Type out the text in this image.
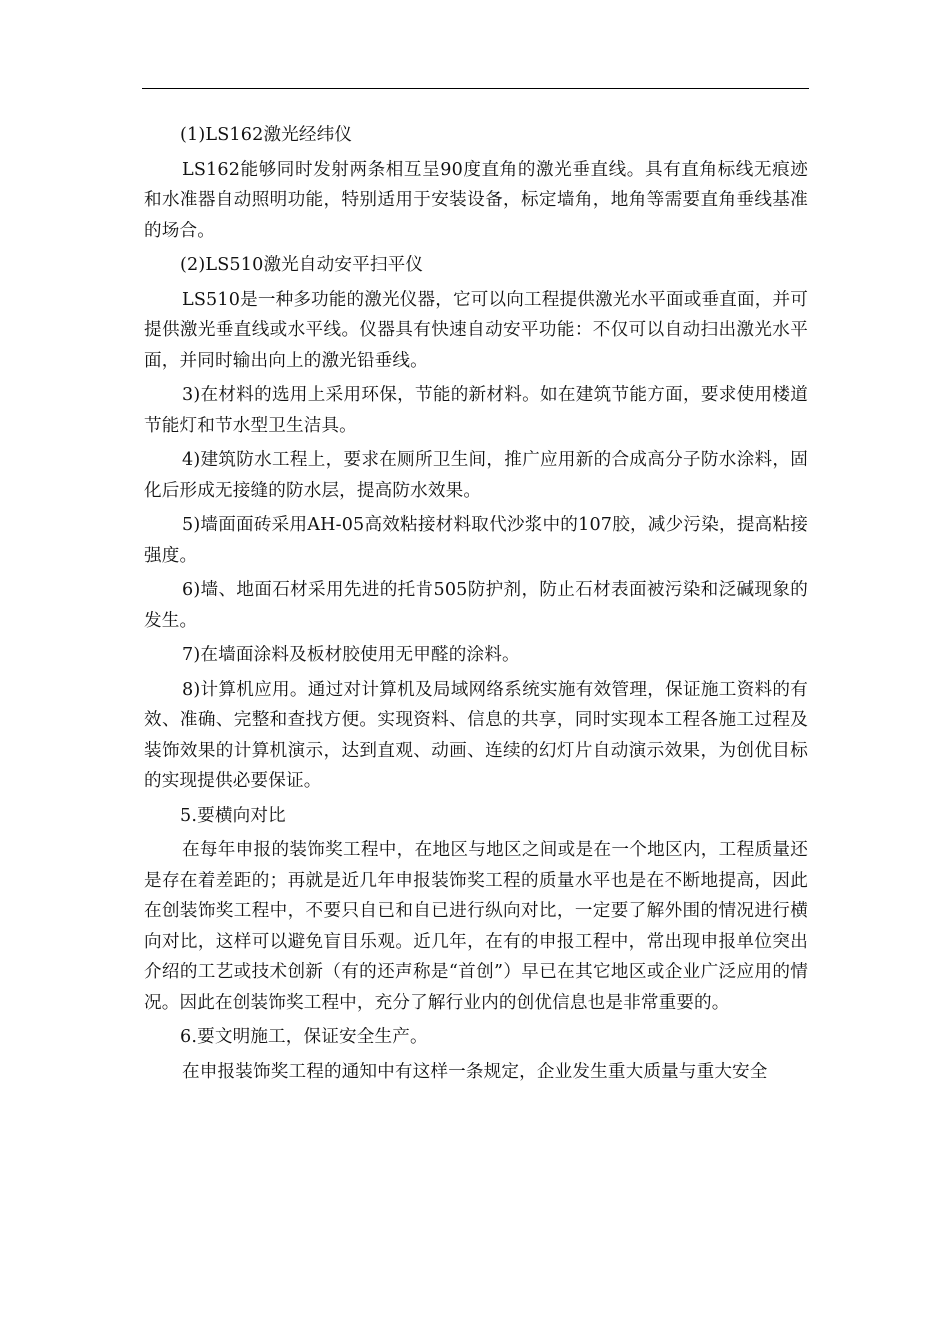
(1)LS162激光经纬仪

LS162能够同时发射两条相互呈90度直角的激光垂直线。具有直角标线无痕迹和水准器自动照明功能，特别适用于安装设备，标定墙角，地角等需要直角垂线基准的场合。

(2)LS510激光自动安平扫平仪

LS510是一种多功能的激光仪器，它可以向工程提供激光水平面或垂直面，并可提供激光垂直线或水平线。仪器具有快速自动安平功能：不仅可以自动扫出激光水平面，并同时输出向上的激光铅垂线。

3)在材料的选用上采用环保，节能的新材料。如在建筑节能方面，要求使用楼道节能灯和节水型卫生洁具。

4)建筑防水工程上，要求在厕所卫生间，推广应用新的合成高分子防水涂料，固化后形成无接缝的防水层，提高防水效果。

5)墙面面砖采用AH-05高效粘接材料取代沙浆中的107胶，减少污染，提高粘接强度。

6)墙、地面石材采用先进的托肯505防护剂，防止石材表面被污染和泛碱现象的发生。

7)在墙面涂料及板材胶使用无甲醛的涂料。

8)计算机应用。通过对计算机及局域网络系统实施有效管理，保证施工资料的有效、准确、完整和查找方便。实现资料、信息的共享，同时实现本工程各施工过程及装饰效果的计算机演示，达到直观、动画、连续的幻灯片自动演示效果，为创优目标的实现提供必要保证。

5.要横向对比

在每年申报的装饰奖工程中，在地区与地区之间或是在一个地区内，工程质量还是存在着差距的；再就是近几年申报装饰奖工程的质量水平也是在不断地提高，因此在创装饰奖工程中，不要只自已和自已进行纵向对比，一定要了解外围的情况进行横向对比，这样可以避免盲目乐观。近几年，在有的申报工程中，常出现申报单位突出介绍的工艺或技术创新（有的还声称是“首创”）早已在其它地区或企业广泛应用的情况。因此在创装饰奖工程中，充分了解行业内的创优信息也是非常重要的。

6.要文明施工，保证安全生产。

在申报装饰奖工程的通知中有这样一条规定，企业发生重大质量与重大安全
